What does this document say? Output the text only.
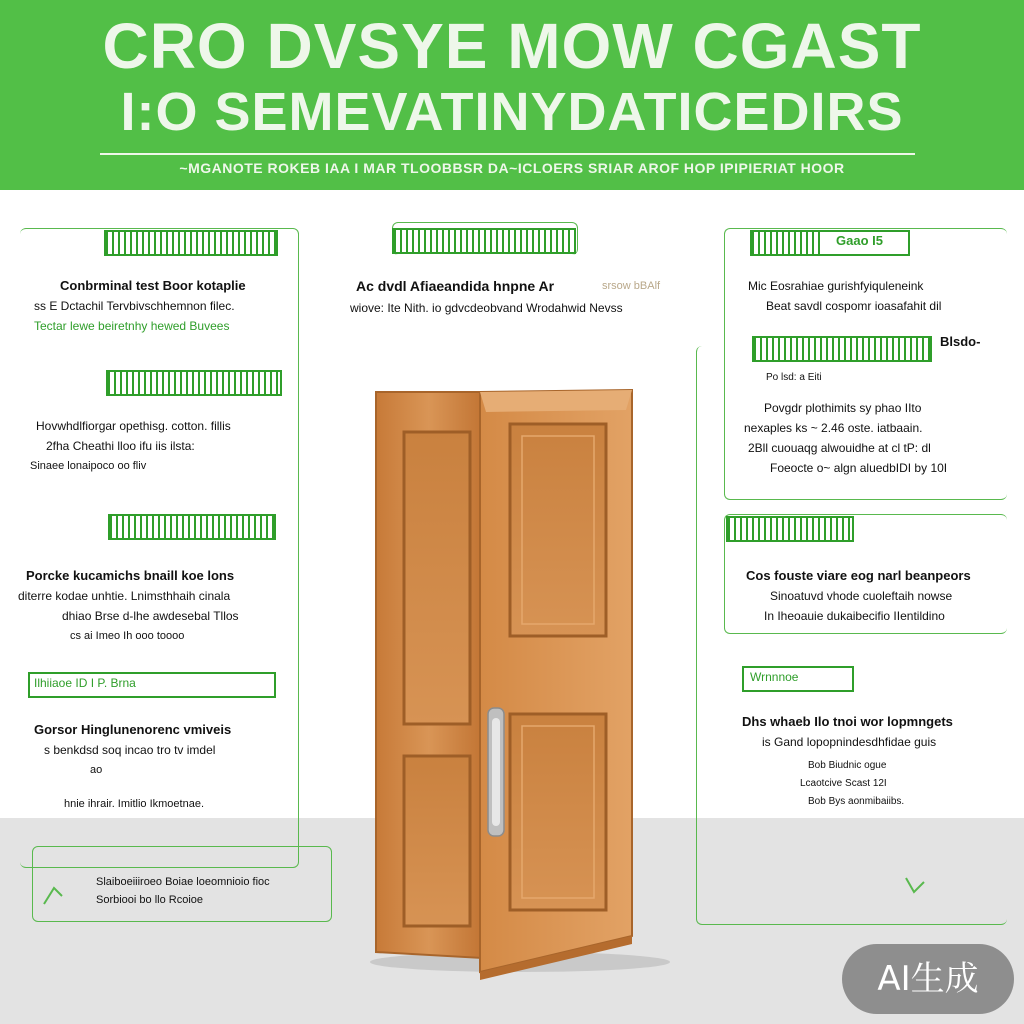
CRO DVSYE MOW CGAST
I:O SEMEVATINYDATICEDIRS
~MGANOTE ROKEB IAA I MAR TLOOBBSR DA~ICLOERS SRIAR AROF HOP IPIPIERIAT HOOR
Ilhiiaoe ID I P. Brna
Conbrminal test Boor kotaplie
ss E Dctachil Tervbivschhemnon filec.
Tectar lewe beiretnhy hewed Buvees
Hovwhdlfiorgar opethisg. cotton. fillis
2fha Cheathi lloo ifu iis ilsta:
Sinaee lonaipoco oo fliv
Porcke kucamichs bnaill koe lons
diterre kodae unhtie. Lnimsthhaih cinala
dhiao Brse d-lhe awdesebal Tllos
cs ai Imeo Ih ooo toooo
Gorsor Hinglunenorenc vmiveis
s benkdsd soq incao tro tv imdel
ao
hnie ihrair. Imitlio Ikmoetnae.
Slaiboeiiiroeo Boiae loeomnioio fioc
Sorbiooi bo llo Rcoioe
Ac dvdl Afiaeandida hnpne Ar	srsow bBAlf
wiove: Ite Nith. io gdvcdeobvand Wrodahwid Nevss
Gaao I5
Blsdo-
Po lsd: a Eiti
Wrnnnoe
Mic Eosrahiae gurishfyiquleneink
Beat savdl cospomr ioasafahit dil
Povgdr plothimits sy phao IIto
nexaples ks ~ 2.46 oste. iatbaain.
2Bll cuouaqg alwouidhe at cl tP: dl
Foeocte o~ algn aluedbIDI by 10I
Cos fouste viare eog narl beanpeors
Sinoatuvd vhode cuoleftaih nowse
In Iheoauie dukaibecifio IIentildino
Dhs whaeb Ilo tnoi wor lopmngets
is Gand lopopnindesdhfidae guis
Bob Biudnic ogue
Lcaotcive Scast 12I
Bob Bys aonmibaiibs.
AI生成
